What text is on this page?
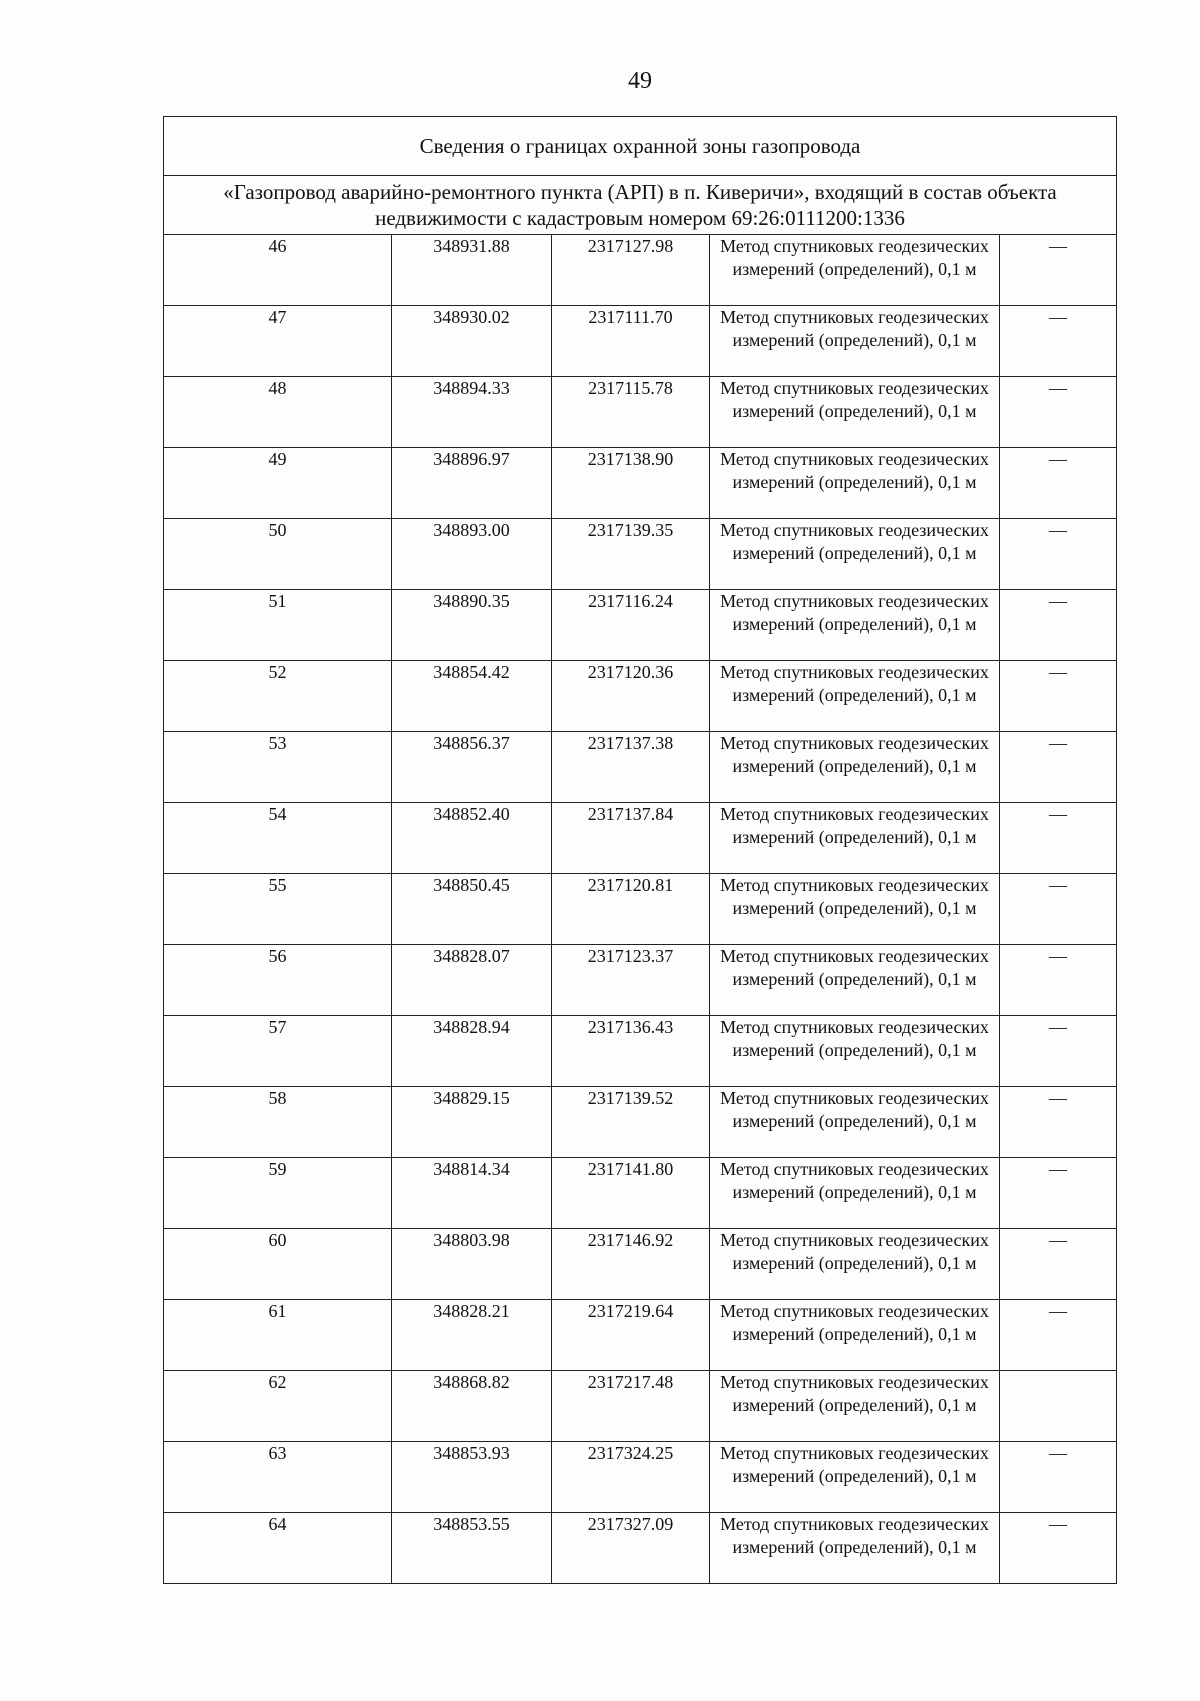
49
Сведения о границах охранной зоны газопровода				
«Газопровод аварийно-ремонтного пункта (АРП) в п. Киверичи», входящий в состав объекта недвижимости с кадастровым номером 69:26:0111200:1336				
46	348931.88	2317127.98	Метод спутниковых геодезических измерений (определений), 0,1 м	—
47	348930.02	2317111.70	Метод спутниковых геодезических измерений (определений), 0,1 м	—
48	348894.33	2317115.78	Метод спутниковых геодезических измерений (определений), 0,1 м	—
49	348896.97	2317138.90	Метод спутниковых геодезических измерений (определений), 0,1 м	—
50	348893.00	2317139.35	Метод спутниковых геодезических измерений (определений), 0,1 м	—
51	348890.35	2317116.24	Метод спутниковых геодезических измерений (определений), 0,1 м	—
52	348854.42	2317120.36	Метод спутниковых геодезических измерений (определений), 0,1 м	—
53	348856.37	2317137.38	Метод спутниковых геодезических измерений (определений), 0,1 м	—
54	348852.40	2317137.84	Метод спутниковых геодезических измерений (определений), 0,1 м	—
55	348850.45	2317120.81	Метод спутниковых геодезических измерений (определений), 0,1 м	—
56	348828.07	2317123.37	Метод спутниковых геодезических измерений (определений), 0,1 м	—
57	348828.94	2317136.43	Метод спутниковых геодезических измерений (определений), 0,1 м	—
58	348829.15	2317139.52	Метод спутниковых геодезических измерений (определений), 0,1 м	—
59	348814.34	2317141.80	Метод спутниковых геодезических измерений (определений), 0,1 м	—
60	348803.98	2317146.92	Метод спутниковых геодезических измерений (определений), 0,1 м	—
61	348828.21	2317219.64	Метод спутниковых геодезических измерений (определений), 0,1 м	—
62	348868.82	2317217.48	Метод спутниковых геодезических измерений (определений), 0,1 м	
63	348853.93	2317324.25	Метод спутниковых геодезических измерений (определений), 0,1 м	—
64	348853.55	2317327.09	Метод спутниковых геодезических измерений (определений), 0,1 м	—
